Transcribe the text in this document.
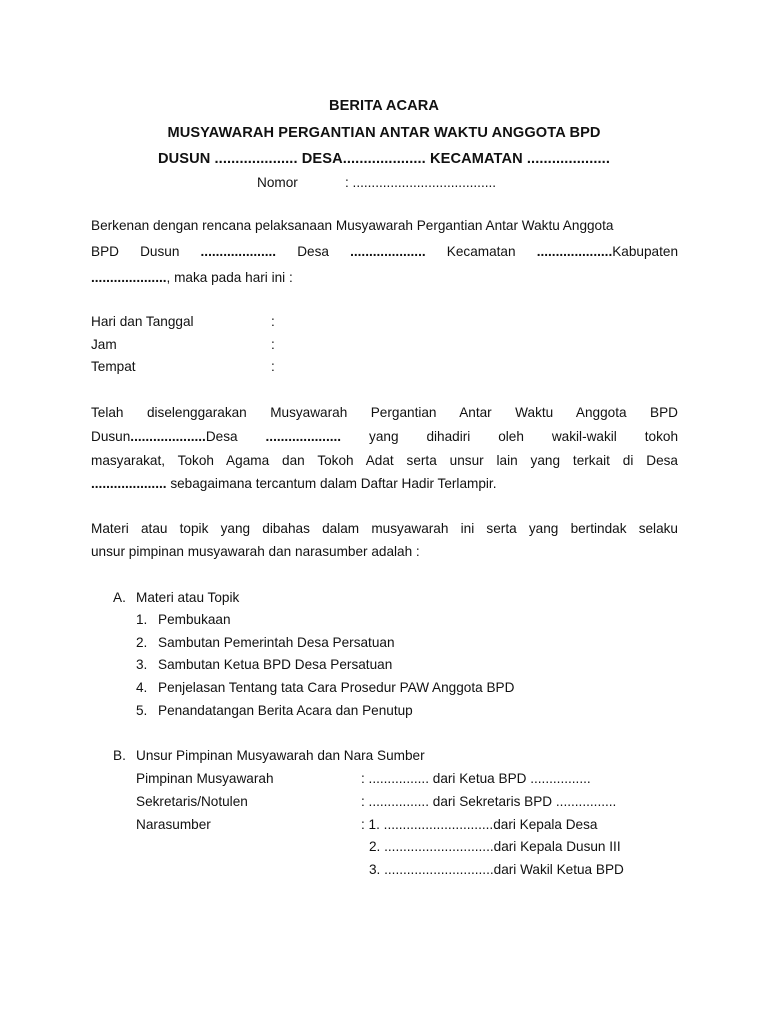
BERITA ACARA
MUSYAWARAH PERGANTIAN ANTAR WAKTU ANGGOTA BPD
DUSUN .................... DESA.................... KECAMATAN ....................
Nomor	: ......................................
Berkenan dengan rencana pelaksanaan Musyawarah Pergantian Antar Waktu Anggota
BPD Dusun .................... Desa .................... Kecamatan ....................Kabupaten
...................., maka pada hari ini :
Hari dan Tanggal	:
Jam	:
Tempat	:
Telah diselenggarakan Musyawarah Pergantian Antar Waktu Anggota BPD
Dusun....................Desa .................... yang dihadiri oleh wakil-wakil tokoh
masyarakat, Tokoh Agama dan Tokoh Adat serta unsur lain yang terkait di Desa
.................... sebagaimana tercantum dalam Daftar Hadir Terlampir.
Materi atau topik yang dibahas dalam musyawarah ini serta yang bertindak selaku
unsur pimpinan musyawarah dan narasumber adalah :
A. Materi atau Topik
1. Pembukaan
2. Sambutan Pemerintah Desa Persatuan
3. Sambutan Ketua BPD Desa Persatuan
4. Penjelasan Tentang tata Cara Prosedur PAW Anggota BPD
5. Penandatangan Berita Acara dan Penutup
B. Unsur Pimpinan Musyawarah dan Nara Sumber
Pimpinan Musyawarah	: ................ dari Ketua BPD ................
Sekretaris/Notulen	: ................ dari Sekretaris BPD ................
Narasumber	: 1. .............................dari Kepala Desa
2. .............................dari Kepala Dusun III
3. .............................dari Wakil Ketua BPD
